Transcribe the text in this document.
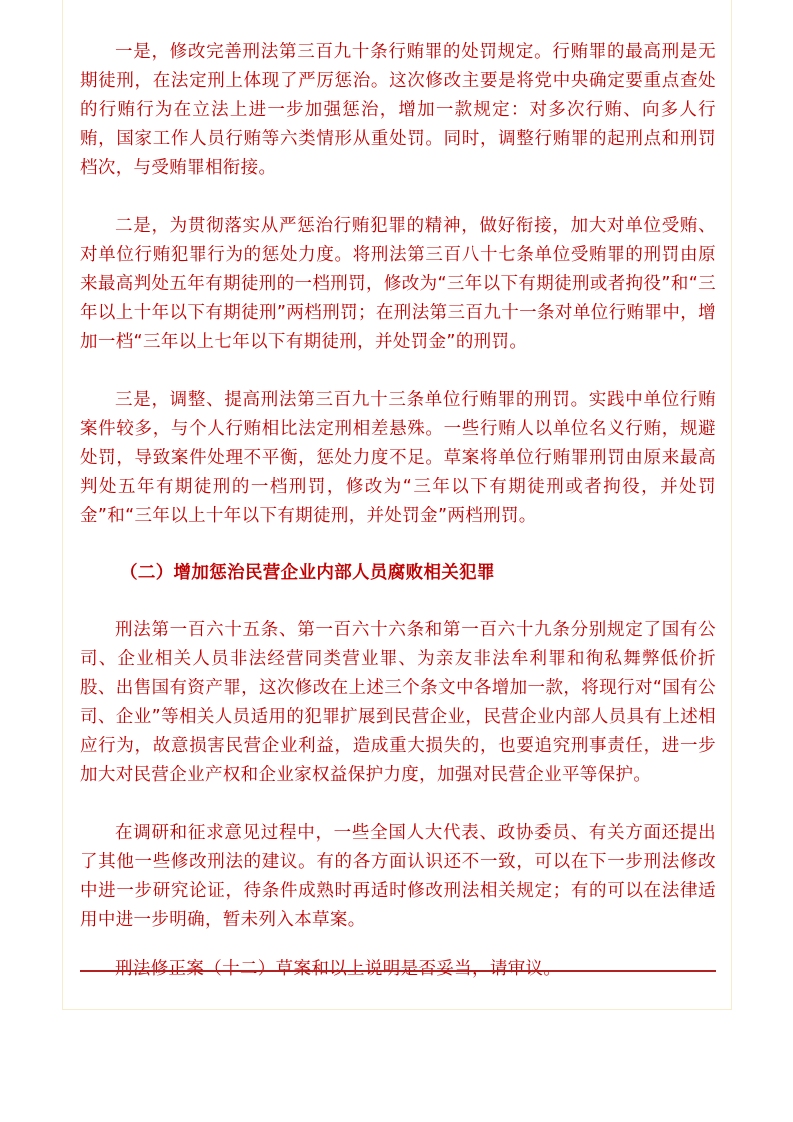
一是，修改完善刑法第三百九十条行贿罪的处罚规定。行贿罪的最高刑是无期徒刑，在法定刑上体现了严厉惩治。这次修改主要是将党中央确定要重点查处的行贿行为在立法上进一步加强惩治，增加一款规定：对多次行贿、向多人行贿，国家工作人员行贿等六类情形从重处罚。同时，调整行贿罪的起刑点和刑罚档次，与受贿罪相衔接。

二是，为贯彻落实从严惩治行贿犯罪的精神，做好衔接，加大对单位受贿、对单位行贿犯罪行为的惩处力度。将刑法第三百八十七条单位受贿罪的刑罚由原来最高判处五年有期徒刑的一档刑罚，修改为“三年以下有期徒刑或者拘役”和“三年以上十年以下有期徒刑”两档刑罚；在刑法第三百九十一条对单位行贿罪中，增加一档“三年以上七年以下有期徒刑，并处罚金”的刑罚。

三是，调整、提高刑法第三百九十三条单位行贿罪的刑罚。实践中单位行贿案件较多，与个人行贿相比法定刑相差悬殊。一些行贿人以单位名义行贿，规避处罚，导致案件处理不平衡，惩处力度不足。草案将单位行贿罪刑罚由原来最高判处五年有期徒刑的一档刑罚，修改为“三年以下有期徒刑或者拘役，并处罚金”和“三年以上十年以下有期徒刑，并处罚金”两档刑罚。

（二）增加惩治民营企业内部人员腐败相关犯罪

刑法第一百六十五条、第一百六十六条和第一百六十九条分别规定了国有公司、企业相关人员非法经营同类营业罪、为亲友非法牟利罪和徇私舞弊低价折股、出售国有资产罪，这次修改在上述三个条文中各增加一款，将现行对“国有公司、企业”等相关人员适用的犯罪扩展到民营企业，民营企业内部人员具有上述相应行为，故意损害民营企业利益，造成重大损失的，也要追究刑事责任，进一步加大对民营企业产权和企业家权益保护力度，加强对民营企业平等保护。

在调研和征求意见过程中，一些全国人大代表、政协委员、有关方面还提出了其他一些修改刑法的建议。有的各方面认识还不一致，可以在下一步刑法修改中进一步研究论证，待条件成熟时再适时修改刑法相关规定；有的可以在法律适用中进一步明确，暂未列入本草案。

刑法修正案（十二）草案和以上说明是否妥当，请审议。
